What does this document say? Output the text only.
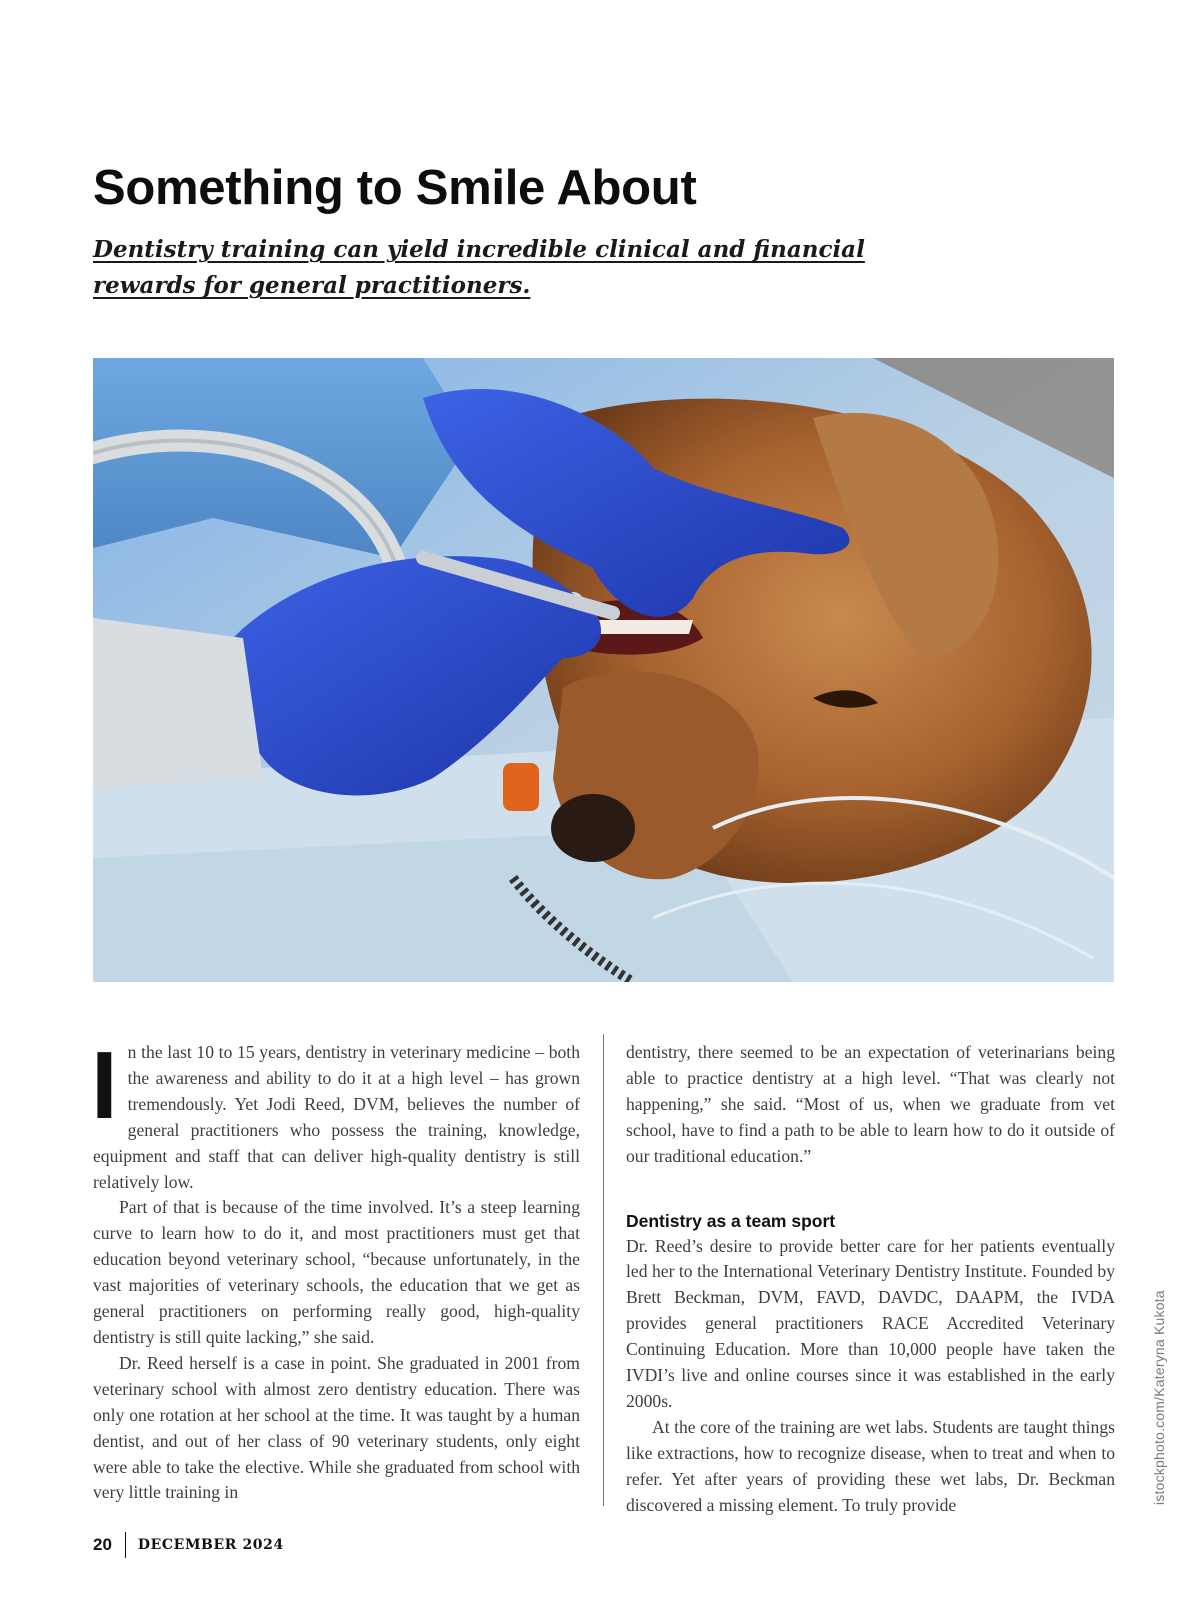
Something to Smile About

Dentistry training can yield incredible clinical and financial rewards for general practitioners.

In the last 10 to 15 years, dentistry in veterinary medicine – both the awareness and ability to do it at a high level – has grown tremendously. Yet Jodi Reed, DVM, believes the number of general practitioners who possess the training, knowledge, equipment and staff that can deliver high-quality dentistry is still relatively low.

Part of that is because of the time involved. It’s a steep learning curve to learn how to do it, and most practitioners must get that education beyond veterinary school, “because unfortunately, in the vast majorities of veterinary schools, the education that we get as general practitioners on performing really good, high-quality dentistry is still quite lacking,” she said.

Dr. Reed herself is a case in point. She graduated in 2001 from veterinary school with almost zero dentistry education. There was only one rotation at her school at the time. It was taught by a human dentist, and out of her class of 90 veterinary students, only eight were able to take the elective. While she graduated from school with very little training in

dentistry, there seemed to be an expectation of veterinarians being able to practice dentistry at a high level. “That was clearly not happening,” she said. “Most of us, when we graduate from vet school, have to find a path to be able to learn how to do it outside of our traditional education.”

Dentistry as a team sport

Dr. Reed’s desire to provide better care for her patients eventually led her to the International Veterinary Dentistry Institute. Founded by Brett Beckman, DVM, FAVD, DAVDC, DAAPM, the IVDA provides general practitioners RACE Accredited Veterinary Continuing Education. More than 10,000 people have taken the IVDI’s live and online courses since it was established in the early 2000s.

At the core of the training are wet labs. Students are taught things like extractions, how to recognize disease, when to treat and when to refer. Yet after years of providing these wet labs, Dr. Beckman discovered a missing element. To truly provide	istockphoto.com/Kateryna Kukota
20 DECEMBER 2024
